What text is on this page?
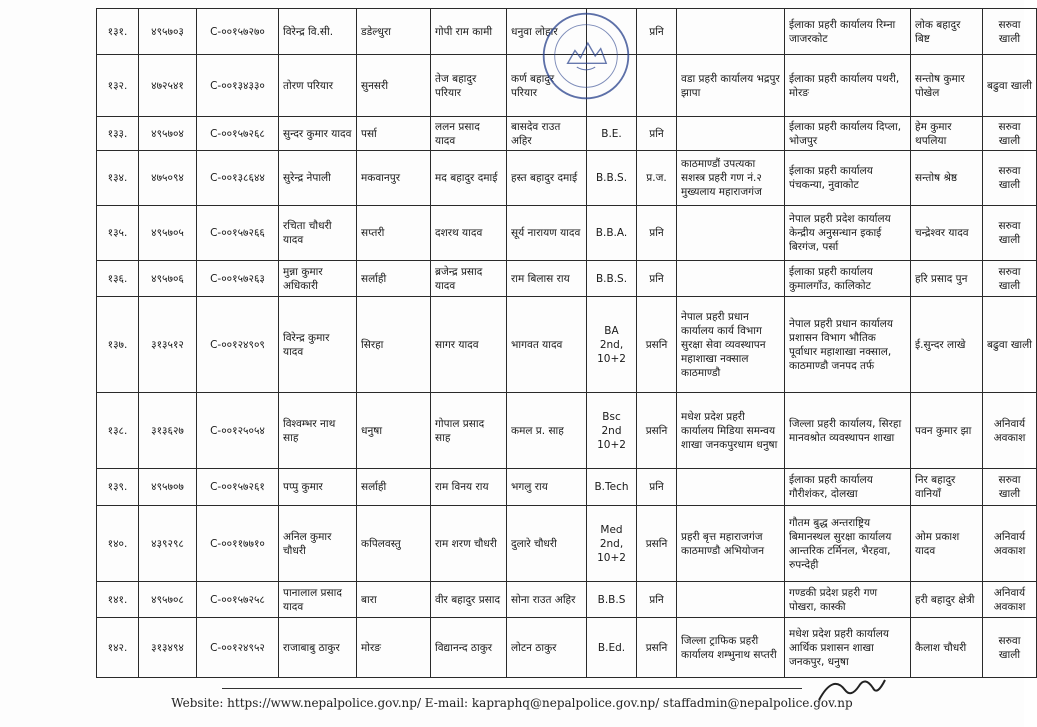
१३१.	४९५७०३	C-००१५७२७०	विरेन्द्र वि.सी.	डडेल्धुरा	गोपी राम कामी	धनुवा लोहार		प्रनि		ईलाका प्रहरी कार्यालय रिम्ना जाजरकोट	लोक बहादुर बिष्ट	सरुवा खाली
१३२.	४७२५४१	C-००१३४३३०	तोरण परियार	सुनसरी	तेज बहादुर परियार	कर्ण बहादुर परियार			वडा प्रहरी कार्यालय भद्रपुर झापा	ईलाका प्रहरी कार्यालय पथरी, मोरङ	सन्तोष कुमार पोखेल	बढुवा खाली
१३३.	४९५७०४	C-००१५७२६८	सुन्दर कुमार यादव	पर्सा	ललन प्रसाद यादव	बासदेव राउत अहिर	B.E.	प्रनि		ईलाका प्रहरी कार्यालय दिप्ला, भोजपुर	हेम कुमार थपलिया	सरुवा खाली
१३४.	४७५०९४	C-००१३८६४४	सुरेन्द्र नेपाली	मकवानपुर	मद बहादुर दमाई	हस्त बहादुर दमाई	B.B.S.	प्र.ज.	काठमाण्डौं उपत्यका सशस्त्र प्रहरी गण नं.२ मुख्यलाय महाराजगंज	ईलाका प्रहरी कार्यालय पंचकन्या, नुवाकोट	सन्तोष श्रेष्ठ	सरुवा खाली
१३५.	४९५७०५	C-००१५७२६६	रचिता चौधरी यादव	सप्तरी	दशरथ यादव	सूर्य नारायण यादव	B.B.A.	प्रनि		नेपाल प्रहरी प्रदेश कार्यालय केन्द्रीय अनुसन्धान इकाई बिरगंज, पर्सा	चन्द्रेश्वर यादव	सरुवा खाली
१३६.	४९५७०६	C-००१५७२६३	मुन्ना कुमार अधिकारी	सर्लाही	ब्रजेन्द्र प्रसाद यादव	राम बिलास राय	B.B.S.	प्रनि		ईलाका प्रहरी कार्यालय कुमालगाँउ, कालिकोट	हरि प्रसाद पुन	सरुवा खाली
१३७.	३१३५१२	C-००१२४९०९	विरेन्द्र कुमार यादव	सिरहा	सागर यादव	भागवत यादव	BA 2nd, 10+2	प्रसनि	नेपाल प्रहरी प्रधान कार्यालय कार्य विभाग सुरक्षा सेवा व्यवस्थापन महाशाखा नक्साल काठमाण्डौ	नेपाल प्रहरी प्रधान कार्यालय प्रशासन विभाग भौतिक पूर्वाधार महाशाखा नक्साल, काठमाण्डौ जनपद तर्फ	ई.सुन्दर लाखे	बढुवा खाली
१३८.	३१३६२७	C-००१२५०५४	विश्वम्भर नाथ साह	धनुषा	गोपाल प्रसाद साह	कमल प्र. साह	Bsc 2nd 10+2	प्रसनि	मधेश प्रदेश प्रहरी कार्यालय मिडिया समन्वय शाखा जनकपुरधाम धनुषा	जिल्ला प्रहरी कार्यालय, सिरहा मानवश्रोत व्यवस्थापन शाखा	पवन कुमार झा	अनिवार्य अवकाश
१३९.	४९५७०७	C-००१५७२६१	पप्पु कुमार	सर्लाही	राम विनय राय	भगलु राय	B.Tech	प्रनि		ईलाका प्रहरी कार्यालय गौरीशंकर, दोलखा	निर बहादुर वानियाँ	सरुवा खाली
१४०.	४३९२९८	C-००११७७१०	अनिल कुमार चौधरी	कपिलवस्तु	राम शरण चौधरी	दुलारे चौधरी	Med 2nd, 10+2	प्रसनि	प्रहरी बृत्त महाराजगंज काठमाण्डौ अभियोजन	गौतम बुद्ध अन्तराष्ट्रिय बिमानस्थल सुरक्षा कार्यालय आन्तरिक टर्मिनल, भैरहवा, रुपन्देही	ओम प्रकाश यादव	अनिवार्य अवकाश
१४१.	४९५७०८	C-००१५७२५८	पानालाल प्रसाद यादव	बारा	वीर बहादुर प्रसाद	सोना राउत अहिर	B.B.S	प्रनि		गण्डकी प्रदेश प्रहरी गण पोखरा, कास्की	हरी बहादुर क्षेत्री	अनिवार्य अवकाश
१४२.	३१३४९४	C-००१२४९५२	राजाबाबु ठाकुर	मोरङ	विद्यानन्द ठाकुर	लोटन ठाकुर	B.Ed.	प्रसनि	जिल्ला ट्राफिक प्रहरी कार्यालय शम्भुनाथ सप्तरी	मधेश प्रदेश प्रहरी कार्यालय आर्थिक प्रशासन शाखा जनकपुर, धनुषा	कैलाश चौधरी	सरुवा खाली
Website: https://www.nepalpolice.gov.np/ E-mail: kapraphq@nepalpolice.gov.np/ staffadmin@nepalpolice.gov.np
